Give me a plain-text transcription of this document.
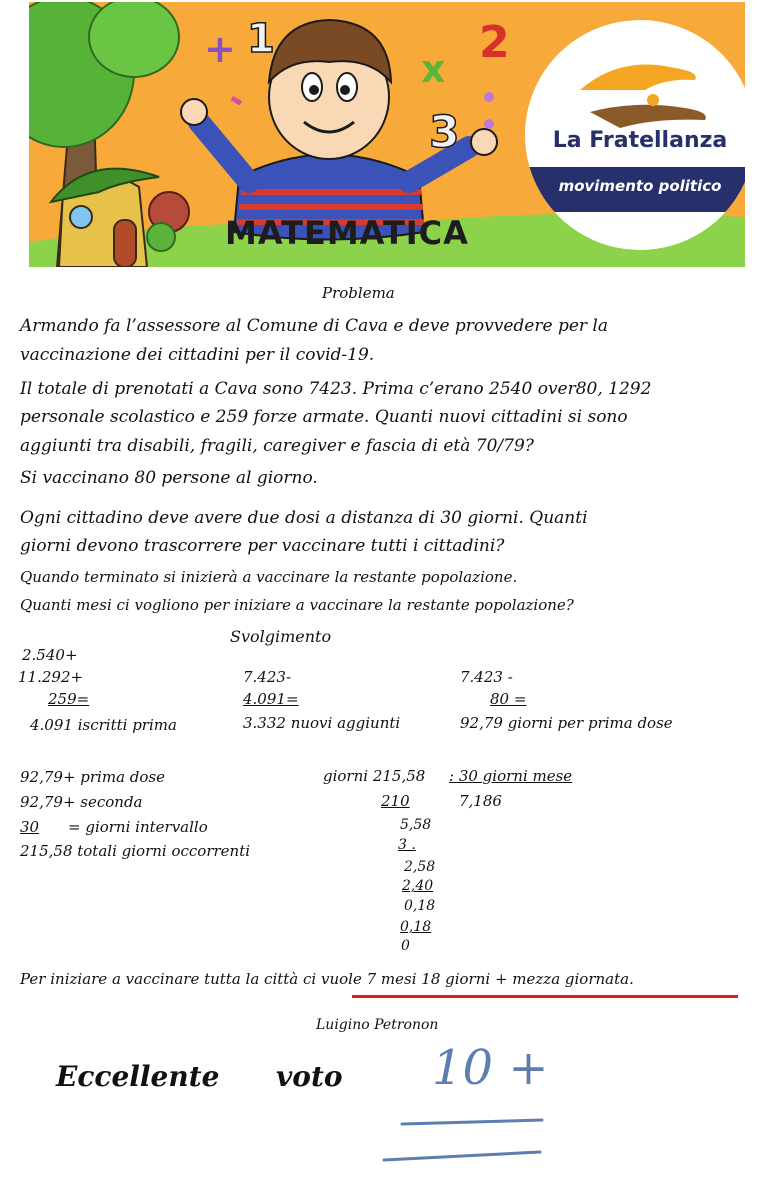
+ 1
-
2
x
3
MATEMATICA
La Fratellanza
movimento politico
Problema
Armando fa l’assessore al Comune di Cava e deve provvedere per la
vaccinazione dei cittadini per il covid-19.
Il totale di prenotati a Cava sono 7423. Prima c’erano 2540 over80, 1292
personale scolastico e 259 forze armate. Quanti nuovi cittadini si sono
aggiunti tra disabili, fragili, caregiver e fascia di età 70/79?
Si vaccinano 80 persone al giorno.
Ogni cittadino deve avere due dosi a distanza di 30 giorni. Quanti
giorni devono trascorrere per vaccinare tutti i cittadini?
Quando terminato si inizierà a vaccinare la restante popolazione.
Quanti mesi ci vogliono per iniziare a vaccinare la restante popolazione?
Svolgimento
2.540+
11.292+
259=
4.091 iscritti prima
7.423-
4.091=
3.332 nuovi aggiunti
7.423 -
80 =
92,79 giorni per prima dose
92,79+ prima dose
92,79+ seconda
30	= giorni intervallo
215,58 totali giorni occorrenti
giorni 215,58 : 30 giorni mese
210	7,186
5,58
3 .
2,58
2,40
0,18
0,18
0
Per iniziare a vaccinare tutta la città ci vuole 7 mesi 18 giorni + mezza giornata.
Luigino Petronon
Eccellente voto 10 +
